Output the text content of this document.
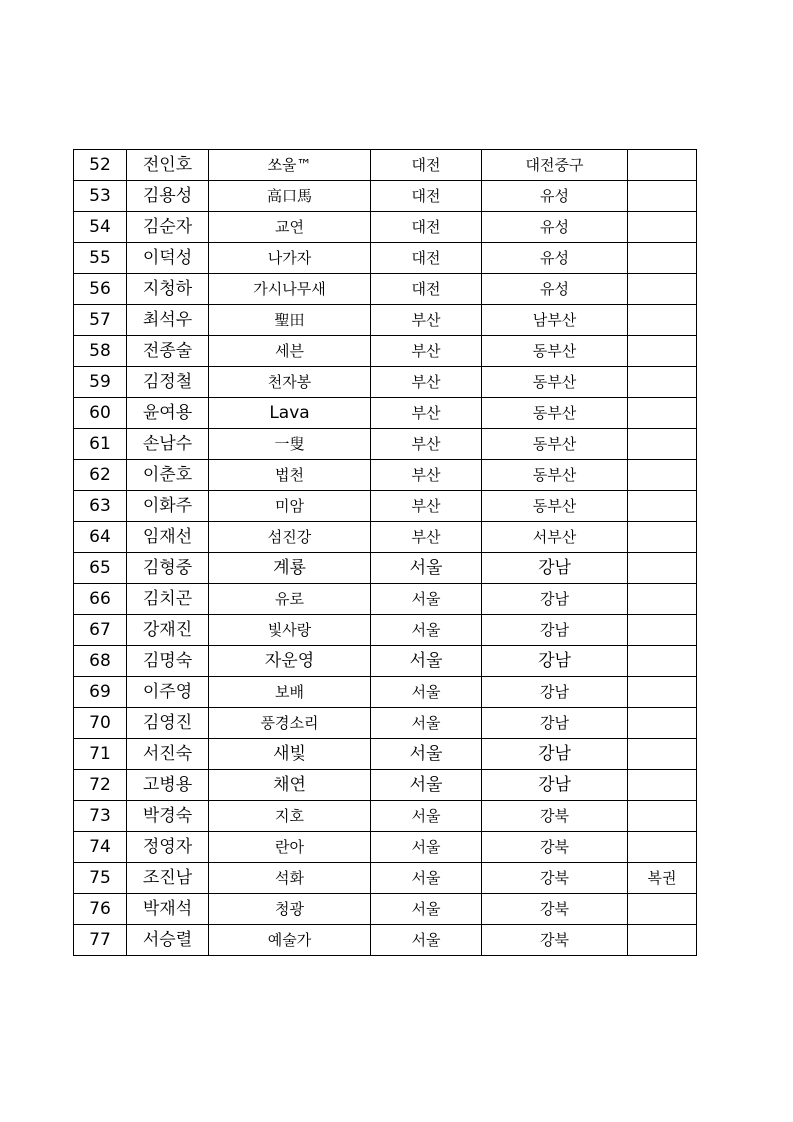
52	전인호	쏘울™	대전	대전중구	
53	김용성	高口馬	대전	유성	
54	김순자	교연	대전	유성	
55	이덕성	나가자	대전	유성	
56	지청하	가시나무새	대전	유성	
57	최석우	聖田	부산	남부산	
58	전종술	세븐	부산	동부산	
59	김정철	천자봉	부산	동부산	
60	윤여용	Lava	부산	동부산	
61	손남수	一叟	부산	동부산	
62	이춘호	법천	부산	동부산	
63	이화주	미암	부산	동부산	
64	임재선	섬진강	부산	서부산	
65	김형중	계룡	서울	강남	
66	김치곤	유로	서울	강남	
67	강재진	빛사랑	서울	강남	
68	김명숙	자운영	서울	강남	
69	이주영	보배	서울	강남	
70	김영진	풍경소리	서울	강남	
71	서진숙	새빛	서울	강남	
72	고병용	채연	서울	강남	
73	박경숙	지호	서울	강북	
74	정영자	란아	서울	강북	
75	조진남	석화	서울	강북	복권
76	박재석	청광	서울	강북	
77	서승렬	예술가	서울	강북	
